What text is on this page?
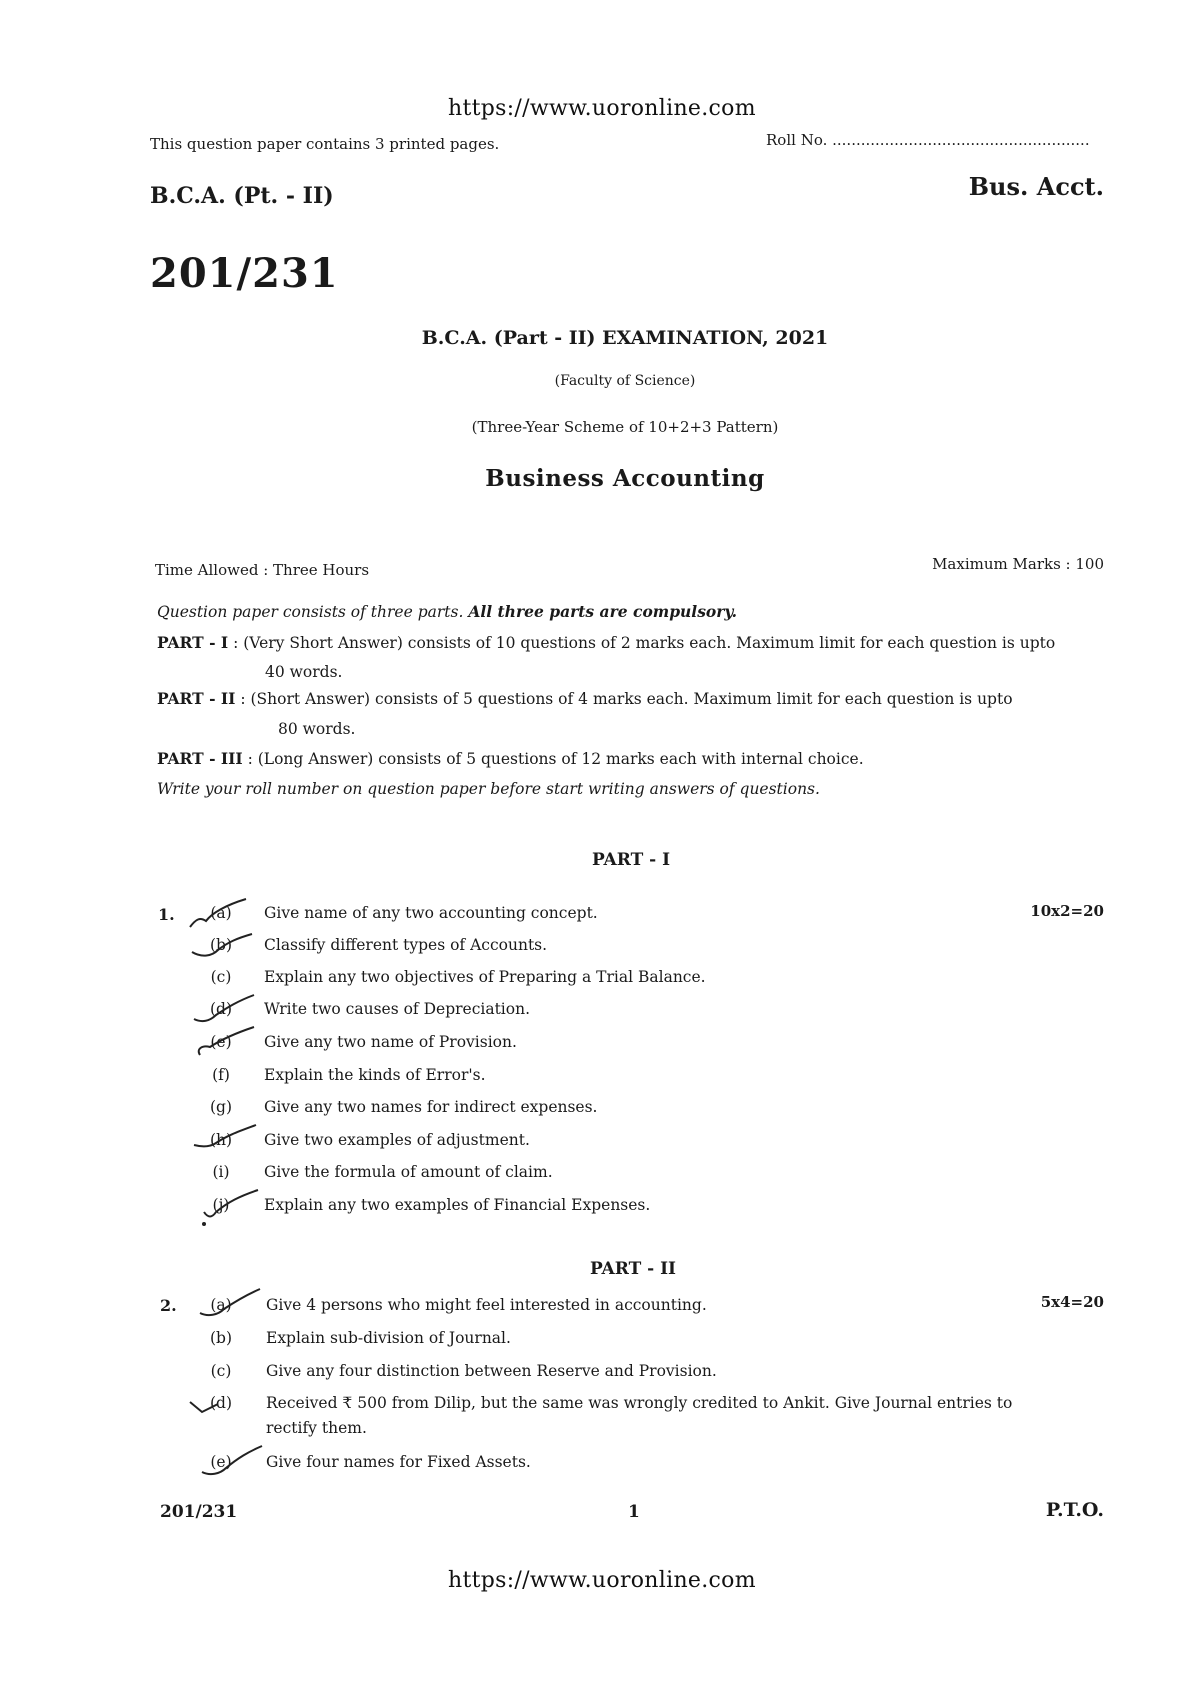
https://www.uoronline.com
This question paper contains 3 printed pages.	Roll No. ......................................................
B.C.A. (Pt. - II)	Bus. Acct.
201/231
B.C.A. (Part - II) EXAMINATION, 2021
(Faculty of Science)
(Three-Year Scheme of 10+2+3 Pattern)
Business Accounting
Time Allowed : Three Hours	Maximum Marks : 100
Question paper consists of three parts. All three parts are compulsory.
PART - I : (Very Short Answer) consists of 10 questions of 2 marks each. Maximum limit for each question is upto
40 words.
PART - II : (Short Answer) consists of 5 questions of 4 marks each. Maximum limit for each question is upto
80 words.
PART - III : (Long Answer) consists of 5 questions of 12 marks each with internal choice.
Write your roll number on question paper before start writing answers of questions.
PART - I
1.	10x2=20
(a) Give name of any two accounting concept.
(b) Classify different types of Accounts.
(c) Explain any two objectives of Preparing a Trial Balance.
(d) Write two causes of Depreciation.
(e) Give any two name of Provision.
(f)	Explain the kinds of Error's.
(g) Give any two names for indirect expenses.
(h) Give two examples of adjustment.
(i)	Give the formula of amount of claim.
(j)	Explain any two examples of Financial Expenses.
PART - II
2.	5x4=20
(a) Give 4 persons who might feel interested in accounting.
(b) Explain sub-division of Journal.
(c) Give any four distinction between Reserve and Provision.
(d) Received ₹ 500 from Dilip, but the same was wrongly credited to Ankit. Give Journal entries to
rectify them.
(e) Give four names for Fixed Assets.
201/231	1	P.T.O.
https://www.uoronline.com
